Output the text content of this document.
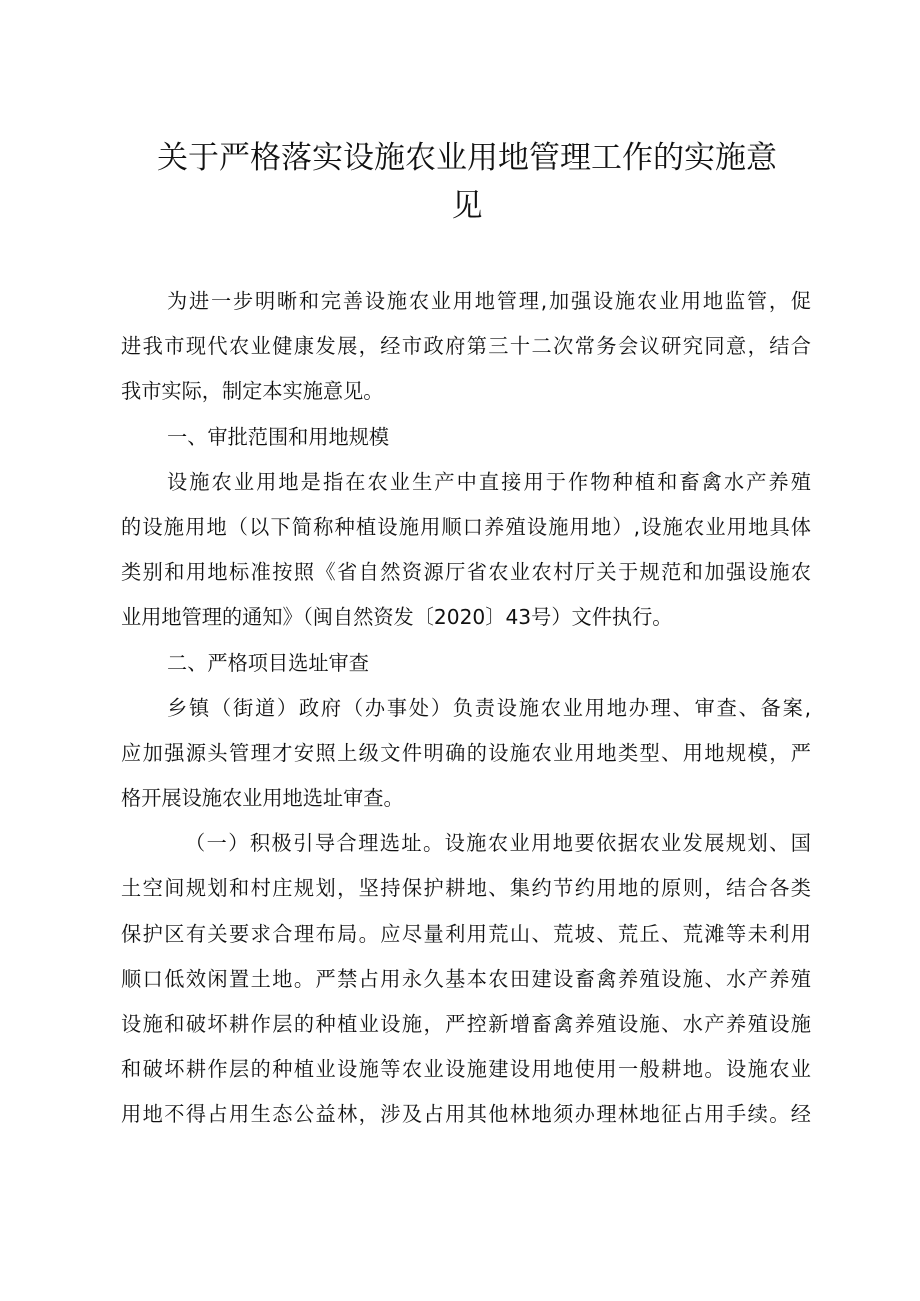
关于严格落实设施农业用地管理工作的实施意
见
为进一步明晰和完善设施农业用地管理,加强设施农业用地监管，促
进我市现代农业健康发展，经市政府第三十二次常务会议研究同意，结合
我市实际，制定本实施意见。
一、审批范围和用地规模
设施农业用地是指在农业生产中直接用于作物种植和畜禽水产养殖
的设施用地（以下简称种植设施用顺口养殖设施用地）,设施农业用地具体
类别和用地标准按照《省自然资源厅省农业农村厅关于规范和加强设施农
业用地管理的通知》（闽自然资发〔2020〕43号）文件执行。
二、严格项目选址审查
乡镇（街道）政府（办事处）负责设施农业用地办理、审查、备案,
应加强源头管理才安照上级文件明确的设施农业用地类型、用地规模，严
格开展设施农业用地选址审查。
（一）积极引导合理选址。设施农业用地要依据农业发展规划、国
土空间规划和村庄规划，坚持保护耕地、集约节约用地的原则，结合各类
保护区有关要求合理布局。应尽量利用荒山、荒坡、荒丘、荒滩等未利用
顺口低效闲置土地。严禁占用永久基本农田建设畜禽养殖设施、水产养殖
设施和破坏耕作层的种植业设施，严控新增畜禽养殖设施、水产养殖设施
和破坏耕作层的种植业设施等农业设施建设用地使用一般耕地。设施农业
用地不得占用生态公益林，涉及占用其他林地须办理林地征占用手续。经
